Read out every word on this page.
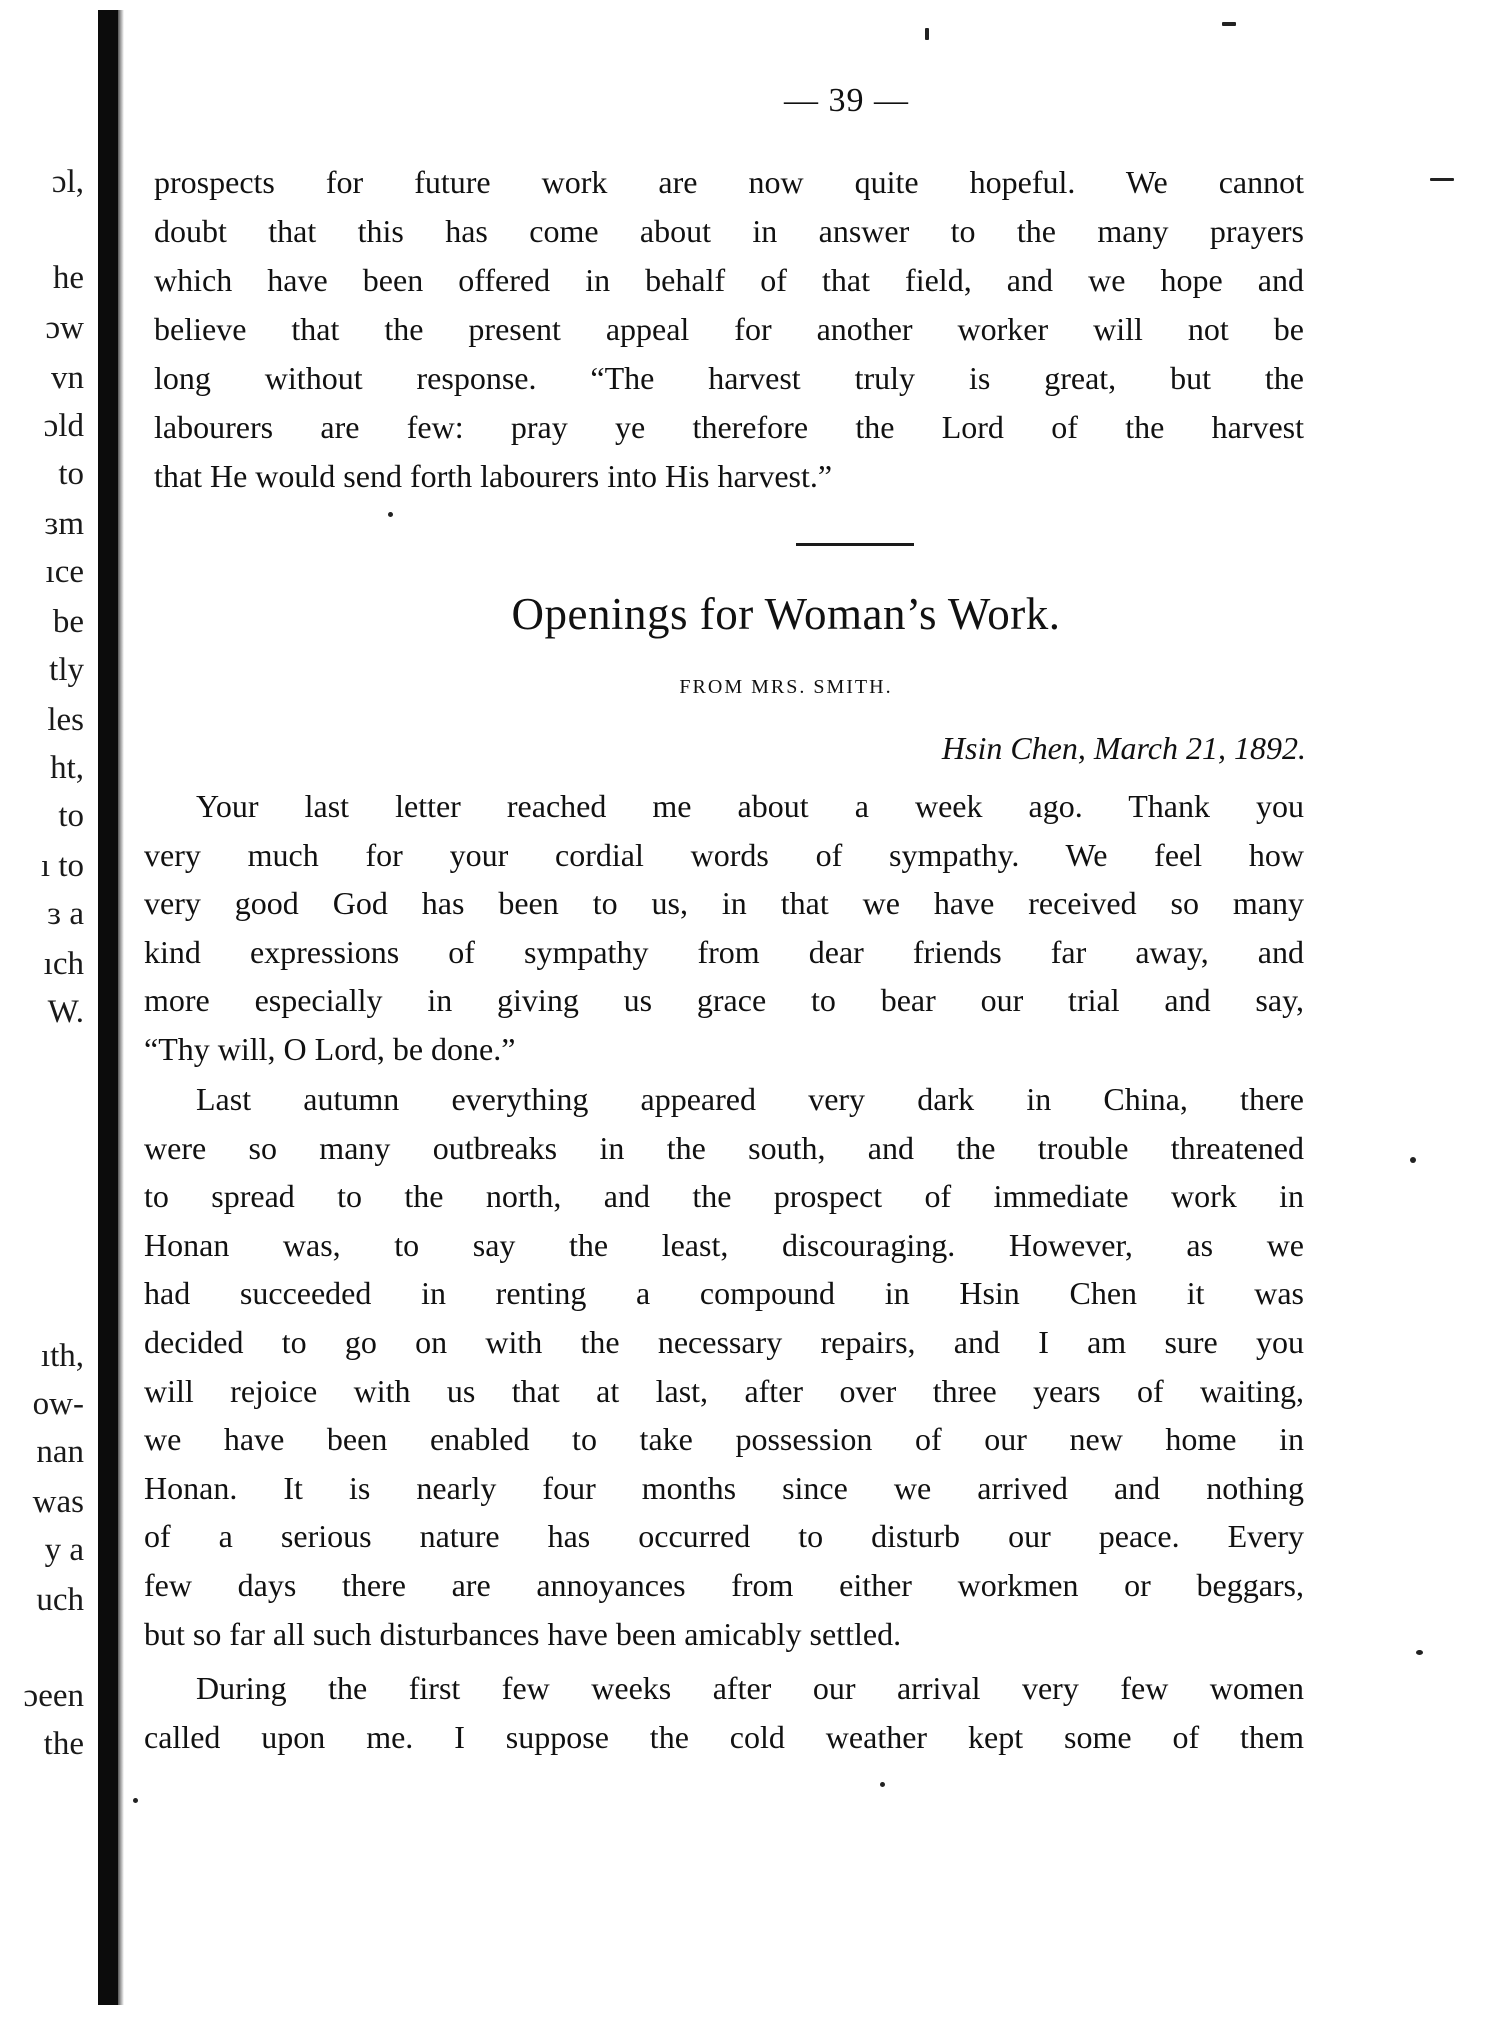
ɔl,
he
ɔw
vn
ɔld
to
ɜm
ıce
be
tly
les
ht,
to
ı to
ɜ a
ıch
W.
ıth,
ow-
nan
was
y a
uch
ɔeen
the
— 39 —
prospects for future work are now quite hopeful. We cannot
doubt that this has come about in answer to the many prayers
which have been offered in behalf of that field, and we hope and
believe that the present appeal for another worker will not be
long without response. “The harvest truly is great, but the
labourers are few: pray ye therefore the Lord of the harvest
that He would send forth labourers into His harvest.”
Openings for Woman’s Work.
FROM MRS. SMITH.
Hsin Chen, March 21, 1892.
Your last letter reached me about a week ago. Thank you
very much for your cordial words of sympathy. We feel how
very good God has been to us, in that we have received so many
kind expressions of sympathy from dear friends far away, and
more especially in giving us grace to bear our trial and say,
“Thy will, O Lord, be done.”
Last autumn everything appeared very dark in China, there
were so many outbreaks in the south, and the trouble threatened
to spread to the north, and the prospect of immediate work in
Honan was, to say the least, discouraging. However, as we
had succeeded in renting a compound in Hsin Chen it was
decided to go on with the necessary repairs, and I am sure you
will rejoice with us that at last, after over three years of waiting,
we have been enabled to take possession of our new home in
Honan. It is nearly four months since we arrived and nothing
of a serious nature has occurred to disturb our peace. Every
few days there are annoyances from either workmen or beggars,
but so far all such disturbances have been amicably settled.
During the first few weeks after our arrival very few women
called upon me. I suppose the cold weather kept some of them
